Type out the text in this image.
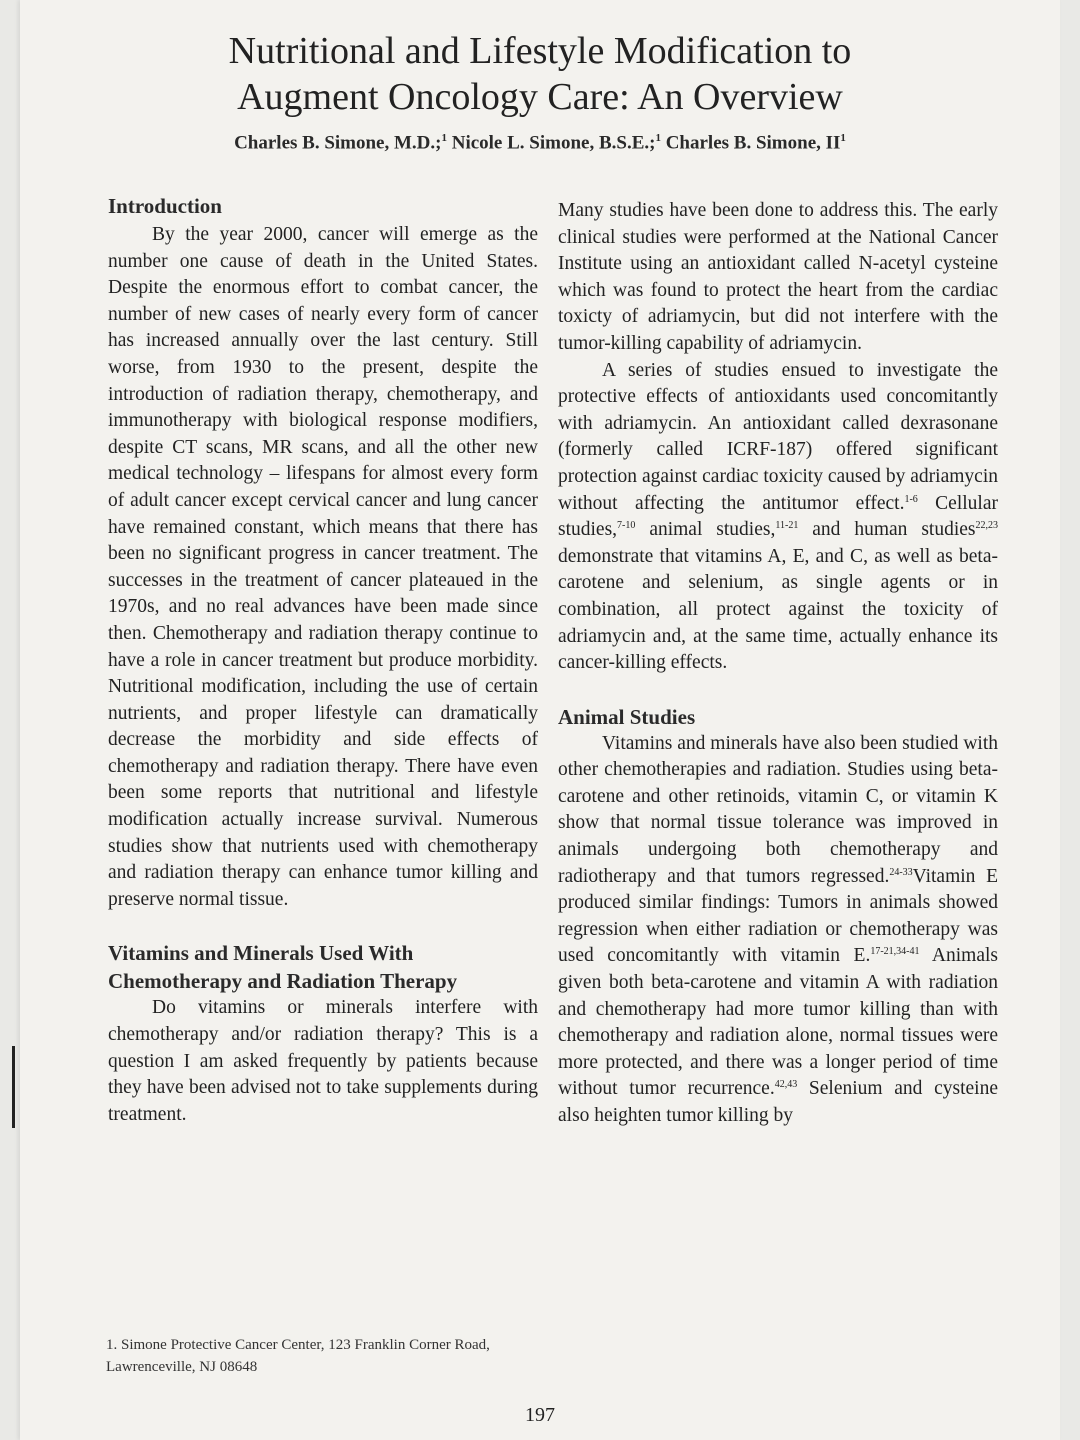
Nutritional and Lifestyle Modification to
Augment Oncology Care: An Overview
Charles B. Simone, M.D.;$^1$ Nicole L. Simone, B.S.E.;$^1$ Charles B. Simone, $II^1$
Introduction

By the year 2000, cancer will emerge as the number one cause of death in the United States. Despite the enormous effort to combat cancer, the number of new cases of nearly every form of cancer has increased annually over the last century. Still worse, from 1930 to the present, despite the introduction of radiation therapy, chemotherapy, and immunotherapy with biological response modifiers, despite CT scans, MR scans, and all the other new medical technology – lifespans for almost every form of adult cancer except cervical cancer and lung cancer have remained constant, which means that there has been no significant progress in cancer treatment. The successes in the treatment of cancer plateaued in the 1970s, and no real advances have been made since then. Chemotherapy and radiation therapy continue to have a role in cancer treatment but produce morbidity. Nutritional modification, including the use of certain nutrients, and proper lifestyle can dramatically decrease the morbidity and side effects of chemotherapy and radiation therapy. There have even been some reports that nutritional and lifestyle modification actually increase survival. Numerous studies show that nutrients used with chemotherapy and radiation therapy can enhance tumor killing and preserve normal tissue.

Vitamins and Minerals Used With Chemotherapy and Radiation Therapy

Do vitamins or minerals interfere with chemotherapy and/or radiation therapy? This is a question I am asked frequently by patients because they have been advised not to take supplements during treatment.

Many studies have been done to address this. The early clinical studies were performed at the National Cancer Institute using an antioxidant called N-acetyl cysteine which was found to protect the heart from the cardiac toxicty of adriamycin, but did not interfere with the tumor-killing capability of adriamycin.

A series of studies ensued to investigate the protective effects of antioxidants used concomitantly with adriamycin. An antioxidant called dexrasonane (formerly called ICRF-187) offered significant protection against cardiac toxicity caused by adriamycin without affecting the antitumor effect.$^{1-6}$ Cellular studies,$^{7-10}$ animal studies,$^{11-21}$ and human studies$^{22,23}$ demonstrate that vitamins A, E, and C, as well as beta-carotene and selenium, as single agents or in combination, all protect against the toxicity of adriamycin and, at the same time, actually enhance its cancer-killing effects.

Animal Studies

Vitamins and minerals have also been studied with other chemotherapies and radiation. Studies using beta-carotene and other retinoids, vitamin C, or vitamin K show that normal tissue tolerance was improved in animals undergoing both chemotherapy and radiotherapy and that tumors regressed.$^{24-33}$Vitamin E produced similar findings: Tumors in animals showed regression when either radiation or chemotherapy was used concomitantly with vitamin E.$^{17-21,34-41}$ Animals given both beta-carotene and vitamin A with radiation and chemotherapy had more tumor killing than with chemotherapy and radiation alone, normal tissues were more protected, and there was a longer period of time without tumor recurrence.$^{42,43}$ Selenium and cysteine also heighten tumor killing by

1. Simone Protective Cancer Center, 123 Franklin Corner Road, Lawrenceville, NJ 08648
197
